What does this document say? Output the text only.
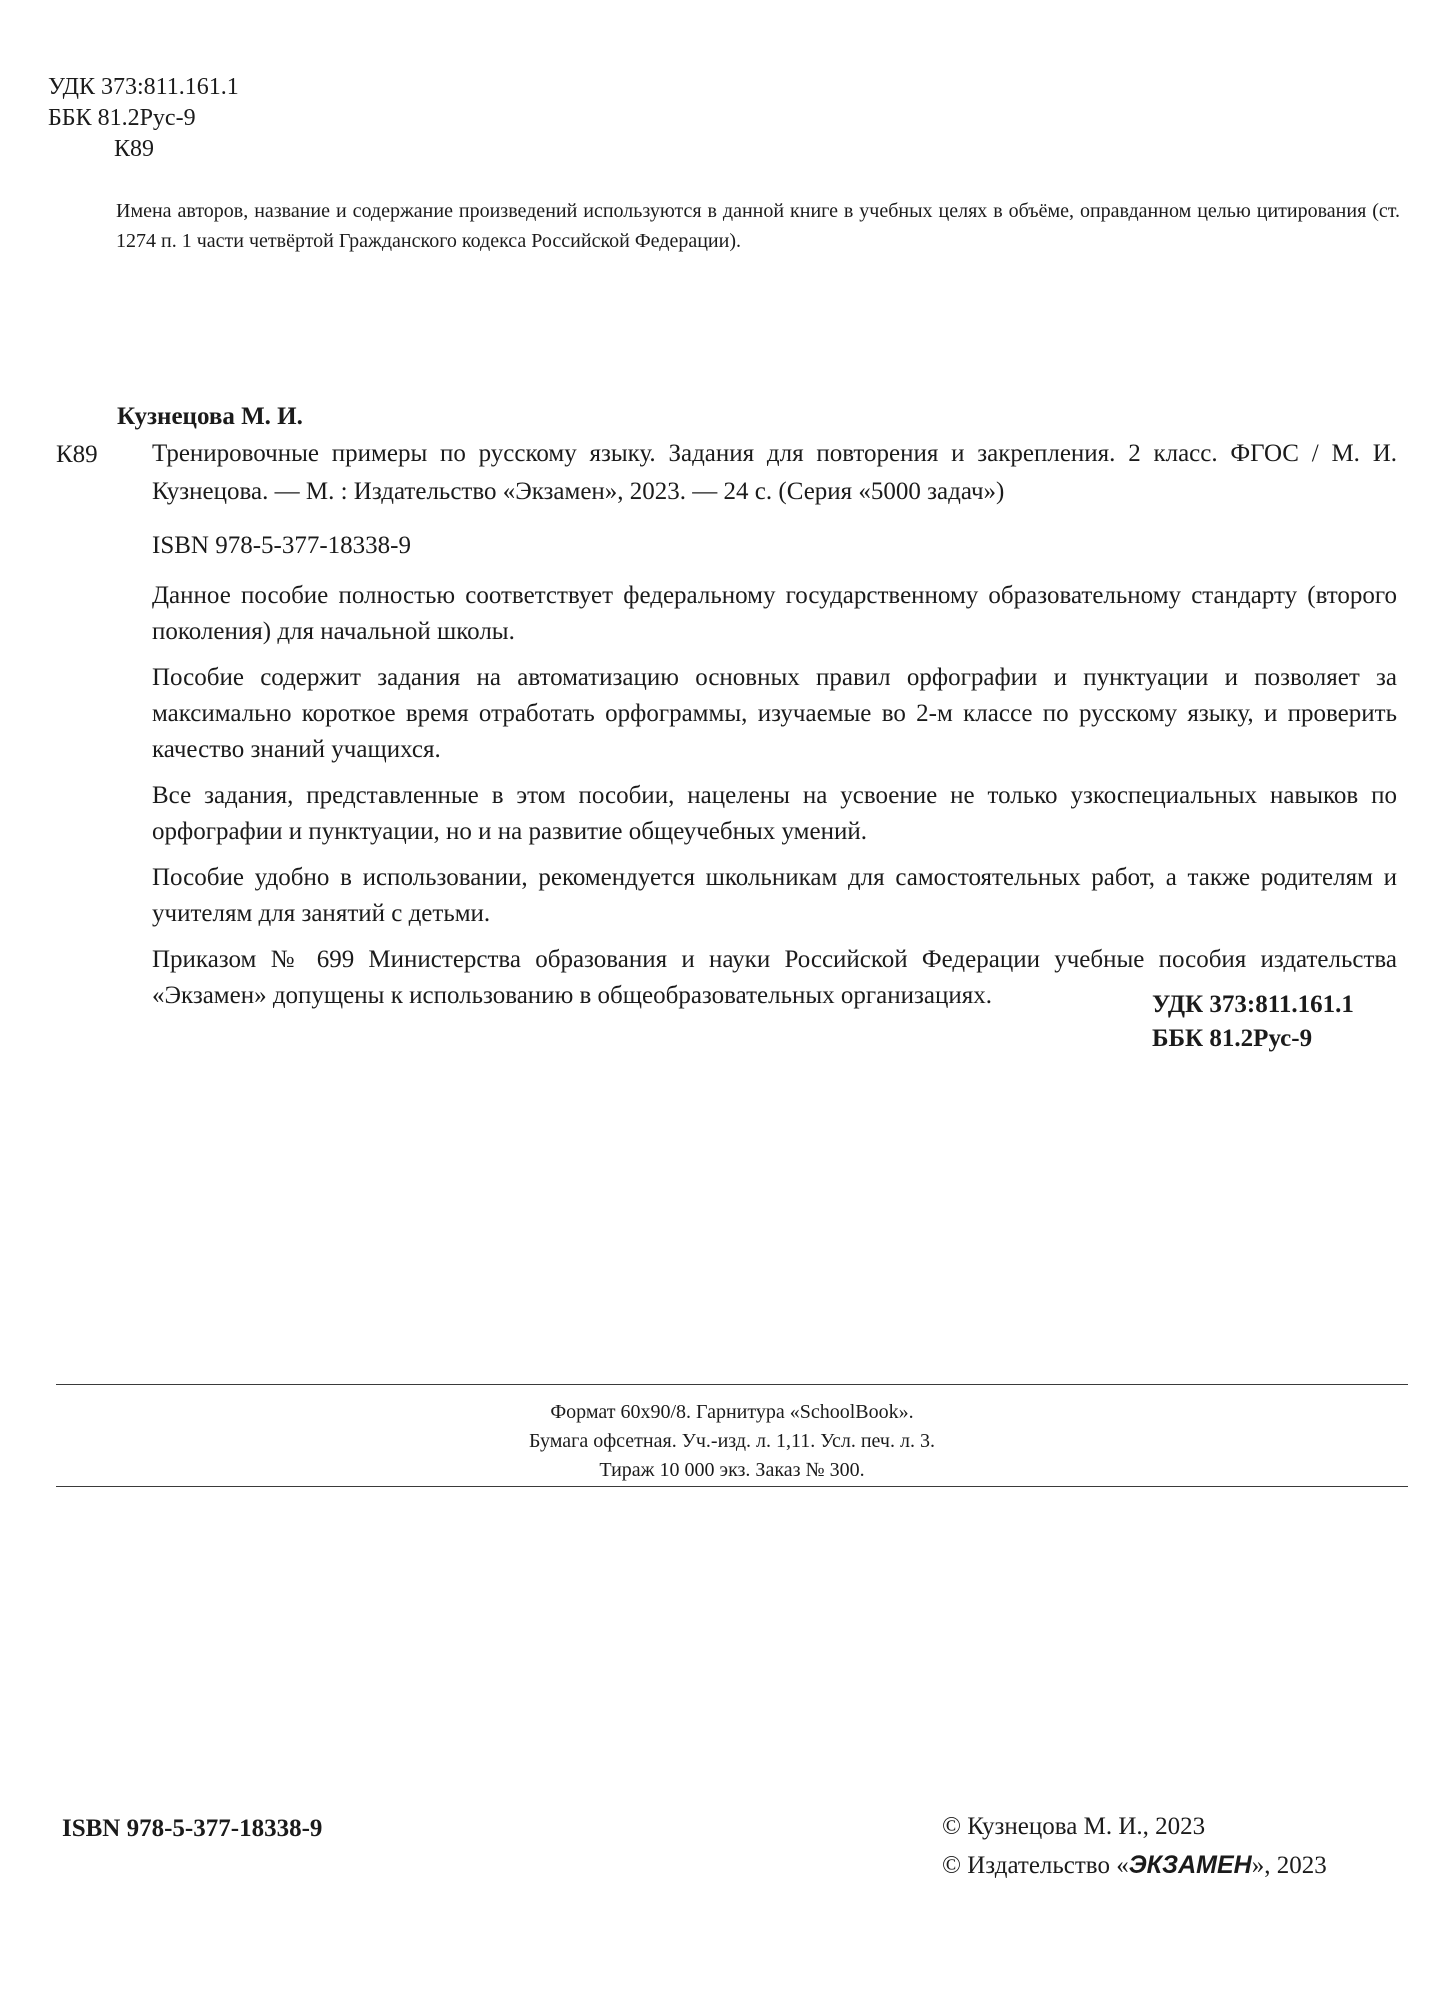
УДК 373:811.161.1
ББК 81.2Рус-9
К89
Имена авторов, название и содержание произведений используются в данной книге в учебных целях в объёме, оправданном целью цитирования (ст. 1274 п. 1 части четвёртой Гражданского кодекса Российской Федерации).
Кузнецова М. И.
К89 Тренировочные примеры по русскому языку. Задания для повторения и закрепления. 2 класс. ФГОС / М. И. Кузнецова. — М. : Издательство «Экзамен», 2023. — 24 с. (Серия «5000 задач»)
ISBN 978-5-377-18338-9

Данное пособие полностью соответствует федеральному государственному образовательному стандарту (второго поколения) для начальной школы.

Пособие содержит задания на автоматизацию основных правил орфографии и пунктуации и позволяет за максимально короткое время отработать орфограммы, изучаемые во 2-м классе по русскому языку, и проверить качество знаний учащихся.

Все задания, представленные в этом пособии, нацелены на усвоение не только узкоспециальных навыков по орфографии и пунктуации, но и на развитие общеучебных умений.

Пособие удобно в использовании, рекомендуется школьникам для самостоятельных работ, а также родителям и учителям для занятий с детьми.

Приказом № 699 Министерства образования и науки Российской Федерации учебные пособия издательства «Экзамен» допущены к использованию в общеобразовательных организациях.	УДК 373:811.161.1
ББК 81.2Рус-9
Формат 60х90/8. Гарнитура «SchoolBook».
Бумага офсетная. Уч.-изд. л. 1,11. Усл. печ. л. 3.
Тираж 10 000 экз. Заказ № 300.
ISBN 978-5-377-18338-9	© Кузнецова М. И., 2023
© Издательство «ЭКЗАМЕН», 2023
